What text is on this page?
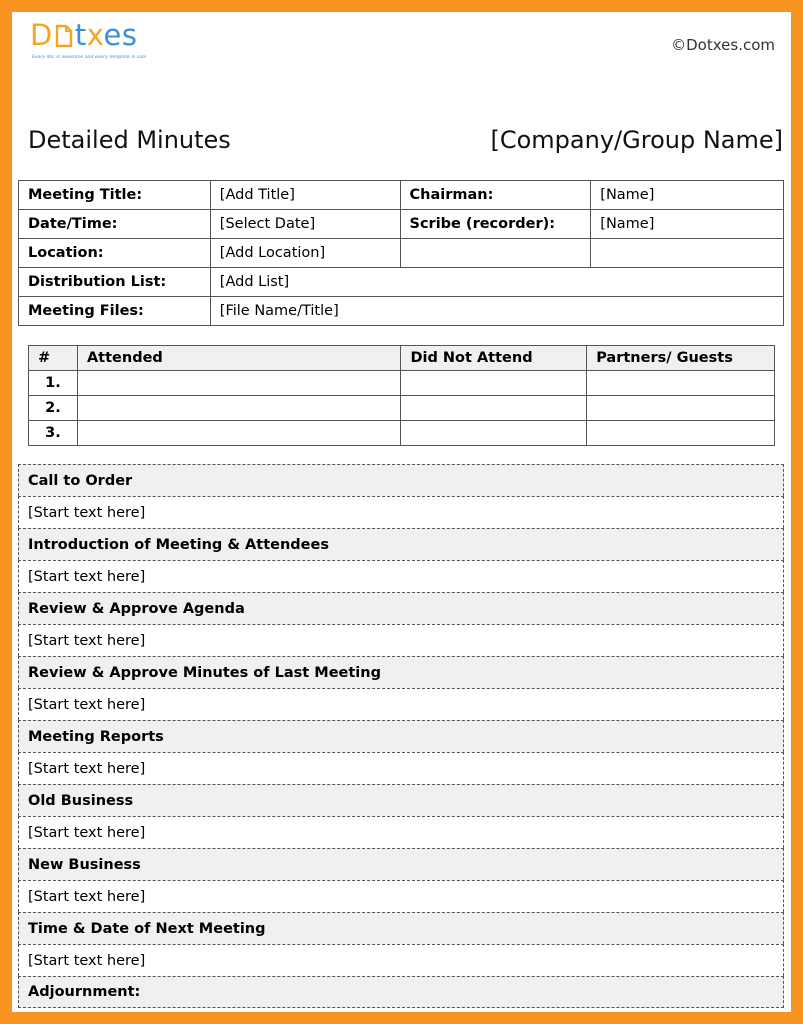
D txes
Every doc is awesome and every template is cool
©Dotxes.com
Detailed Minutes	[Company/Group Name]
Meeting Title:	[Add Title]	Chairman:	[Name]
Date/Time:	[Select Date]	Scribe (recorder):	[Name]
Location:	[Add Location]		
Distribution List:	[Add List]		
Meeting Files:	[File Name/Title]		
#	Attended	Did Not Attend	Partners/ Guests
1.			
2.			
3.			
Call to Order
[Start text here]
Introduction of Meeting & Attendees
[Start text here]
Review & Approve Agenda
[Start text here]
Review & Approve Minutes of Last Meeting
[Start text here]
Meeting Reports
[Start text here]
Old Business
[Start text here]
New Business
[Start text here]
Time & Date of Next Meeting
[Start text here]
Adjournment:
